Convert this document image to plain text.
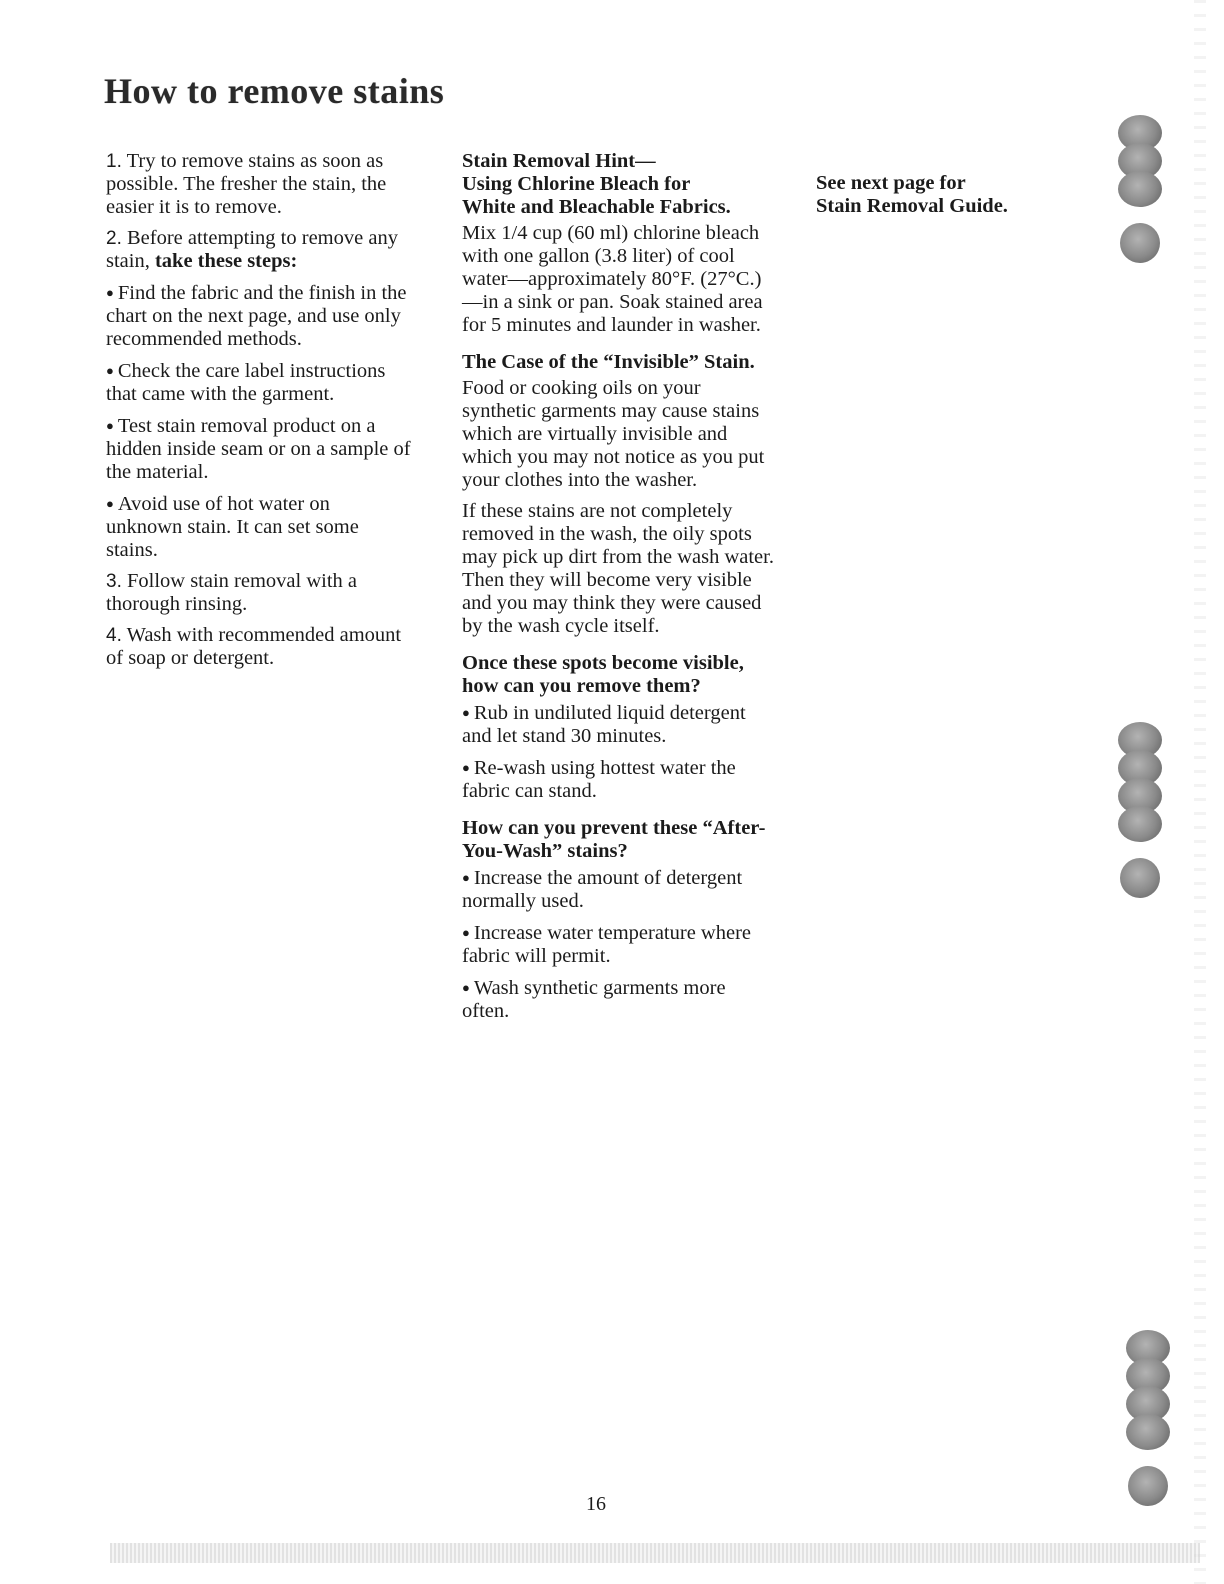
How to remove stains

1. Try to remove stains as soon as possible. The fresher the stain, the easier it is to remove.

2. Before attempting to remove any stain, take these steps:

● Find the fabric and the finish in the chart on the next page, and use only recommended methods.

● Check the care label instructions that came with the garment.

● Test stain removal product on a hidden inside seam or on a sample of the material.

● Avoid use of hot water on unknown stain. It can set some stains.

3. Follow stain removal with a thorough rinsing.

4. Wash with recommended amount of soap or detergent.

Stain Removal Hint—
Using Chlorine Bleach for
White and Bleachable Fabrics.

Mix 1/4 cup (60 ml) chlorine bleach with one gallon (3.8 liter) of cool water—approximately 80°F. (27°C.)—in a sink or pan. Soak stained area for 5 minutes and launder in washer.

The Case of the “Invisible” Stain.

Food or cooking oils on your synthetic garments may cause stains which are virtually invisible and which you may not notice as you put your clothes into the washer.

If these stains are not completely removed in the wash, the oily spots may pick up dirt from the wash water. Then they will become very visible and you may think they were caused by the wash cycle itself.

Once these spots become visible, how can you remove them?

● Rub in undiluted liquid detergent and let stand 30 minutes.

● Re-wash using hottest water the fabric can stand.

How can you prevent these “After-You-Wash” stains?

● Increase the amount of detergent normally used.

● Increase water temperature where fabric will permit.

● Wash synthetic garments more often.

See next page for
Stain Removal Guide.
16
